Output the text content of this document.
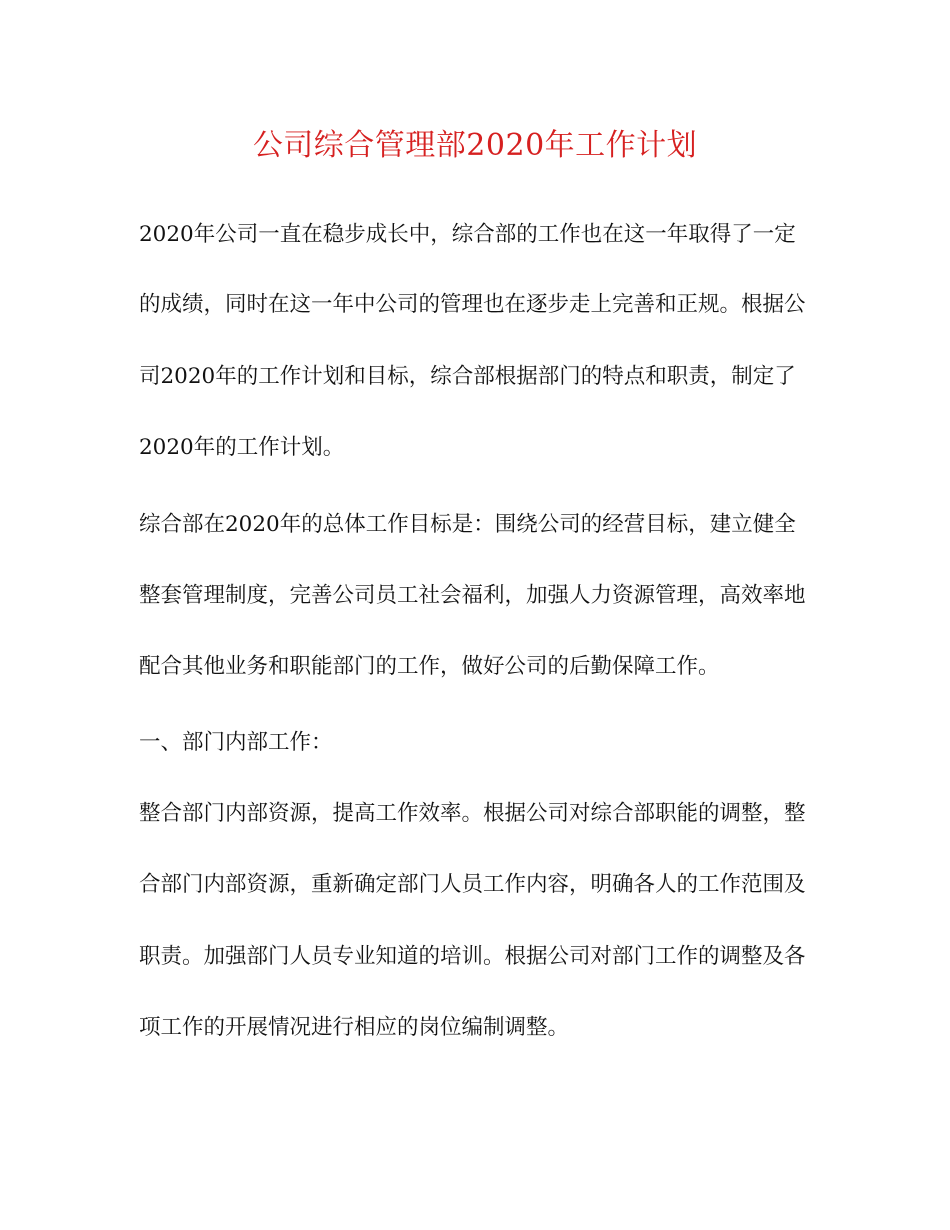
公司综合管理部2020年工作计划
2020年公司一直在稳步成长中，综合部的工作也在这一年取得了一定
的成绩，同时在这一年中公司的管理也在逐步走上完善和正规。根据公
司2020年的工作计划和目标，综合部根据部门的特点和职责，制定了
2020年的工作计划。
综合部在2020年的总体工作目标是：围绕公司的经营目标，建立健全
整套管理制度，完善公司员工社会福利，加强人力资源管理，高效率地
配合其他业务和职能部门的工作，做好公司的后勤保障工作。
一、部门内部工作：
整合部门内部资源，提高工作效率。根据公司对综合部职能的调整，整
合部门内部资源，重新确定部门人员工作内容，明确各人的工作范围及
职责。加强部门人员专业知道的培训。根据公司对部门工作的调整及各
项工作的开展情况进行相应的岗位编制调整。
